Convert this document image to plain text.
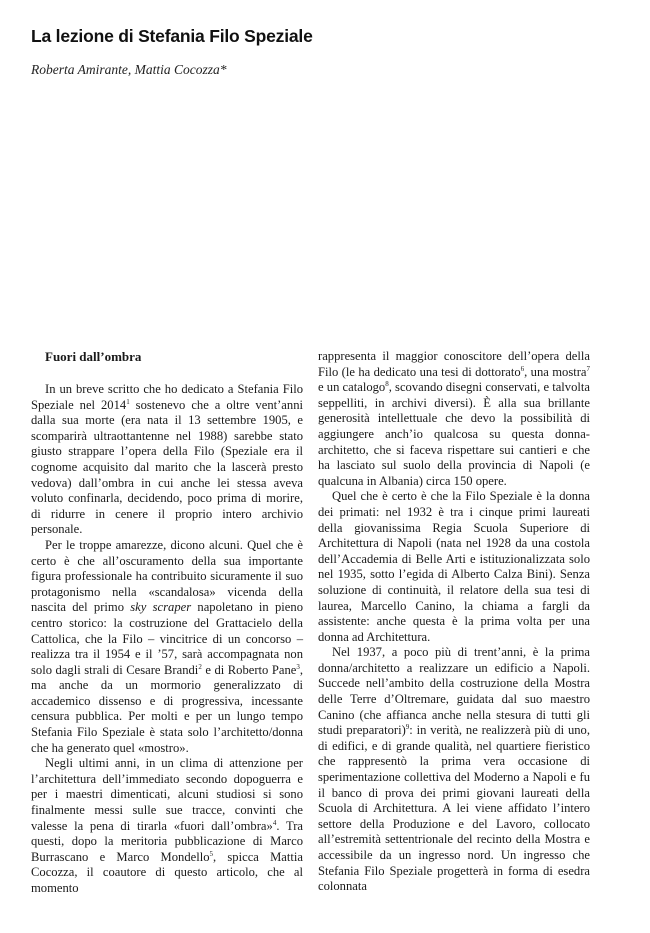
La lezione di Stefania Filo Speziale
Roberta Amirante, Mattia Cocozza*
Fuori dall’ombra

In un breve scritto che ho dedicato a Stefania Filo Speziale nel 2014$^1$ sostenevo che a oltre vent’anni dalla sua morte (era nata il 13 settembre 1905, e scomparirà ultraottantenne nel 1988) sarebbe stato giusto strappare l’opera della Filo (Speziale era il cognome acquisito dal marito che la lascerà presto vedova) dall’ombra in cui anche lei stessa aveva voluto confinarla, decidendo, poco prima di morire, di ridurre in cenere il proprio intero archivio personale.

Per le troppe amarezze, dicono alcuni. Quel che è certo è che all’oscuramento della sua importante figura professionale ha contribuito sicuramente il suo protagonismo nella «scandalosa» vicenda della nascita del primo sky scraper napoletano in pieno centro storico: la costruzione del Grattacielo della Cattolica, che la Filo – vincitrice di un concorso – realizza tra il 1954 e il ’57, sarà accompagnata non solo dagli strali di Cesare Brandi$^2$ e di Roberto Pane$^3$, ma anche da un mormorio generalizzato di accademico dissenso e di progressiva, incessante censura pubblica. Per molti e per un lungo tempo Stefania Filo Speziale è stata solo l’architetto/donna che ha generato quel «mostro».

Negli ultimi anni, in un clima di attenzione per l’architettura dell’immediato secondo dopoguerra e per i maestri dimenticati, alcuni studiosi si sono finalmente messi sulle sue tracce, convinti che valesse la pena di tirarla «fuori dall’ombra»$^4$. Tra questi, dopo la meritoria pubblicazione di Marco Burrascano e Marco Mondello$^5$, spicca Mattia Cocozza, il coautore di questo articolo, che al momento

rappresenta il maggior conoscitore dell’opera della Filo (le ha dedicato una tesi di dottorato$^6$, una mostra$^7$ e un catalogo$^8$, scovando disegni conservati, e talvolta seppelliti, in archivi diversi). È alla sua brillante generosità intellettuale che devo la possibilità di aggiungere anch’io qualcosa su questa donna-architetto, che si faceva rispettare sui cantieri e che ha lasciato sul suolo della provincia di Napoli (e qualcuna in Albania) circa 150 opere.

Quel che è certo è che la Filo Speziale è la donna dei primati: nel 1932 è tra i cinque primi laureati della giovanissima Regia Scuola Superiore di Architettura di Napoli (nata nel 1928 da una costola dell’Accademia di Belle Arti e istituzionalizzata solo nel 1935, sotto l’egida di Alberto Calza Bini). Senza soluzione di continuità, il relatore della sua tesi di laurea, Marcello Canino, la chiama a fargli da assistente: anche questa è la prima volta per una donna ad Architettura.

Nel 1937, a poco più di trent’anni, è la prima donna/architetto a realizzare un edificio a Napoli. Succede nell’ambito della costruzione della Mostra delle Terre d’Oltremare, guidata dal suo maestro Canino (che affianca anche nella stesura di tutti gli studi preparatori)$^9$: in verità, ne realizzerà più di uno, di edifici, e di grande qualità, nel quartiere fieristico che rappresentò la prima vera occasione di sperimentazione collettiva del Moderno a Napoli e fu il banco di prova dei primi giovani laureati della Scuola di Architettura. A lei viene affidato l’intero settore della Produzione e del Lavoro, collocato all’estremità settentrionale del recinto della Mostra e accessibile da un ingresso nord. Un ingresso che Stefania Filo Speziale progetterà in forma di esedra colonnata
